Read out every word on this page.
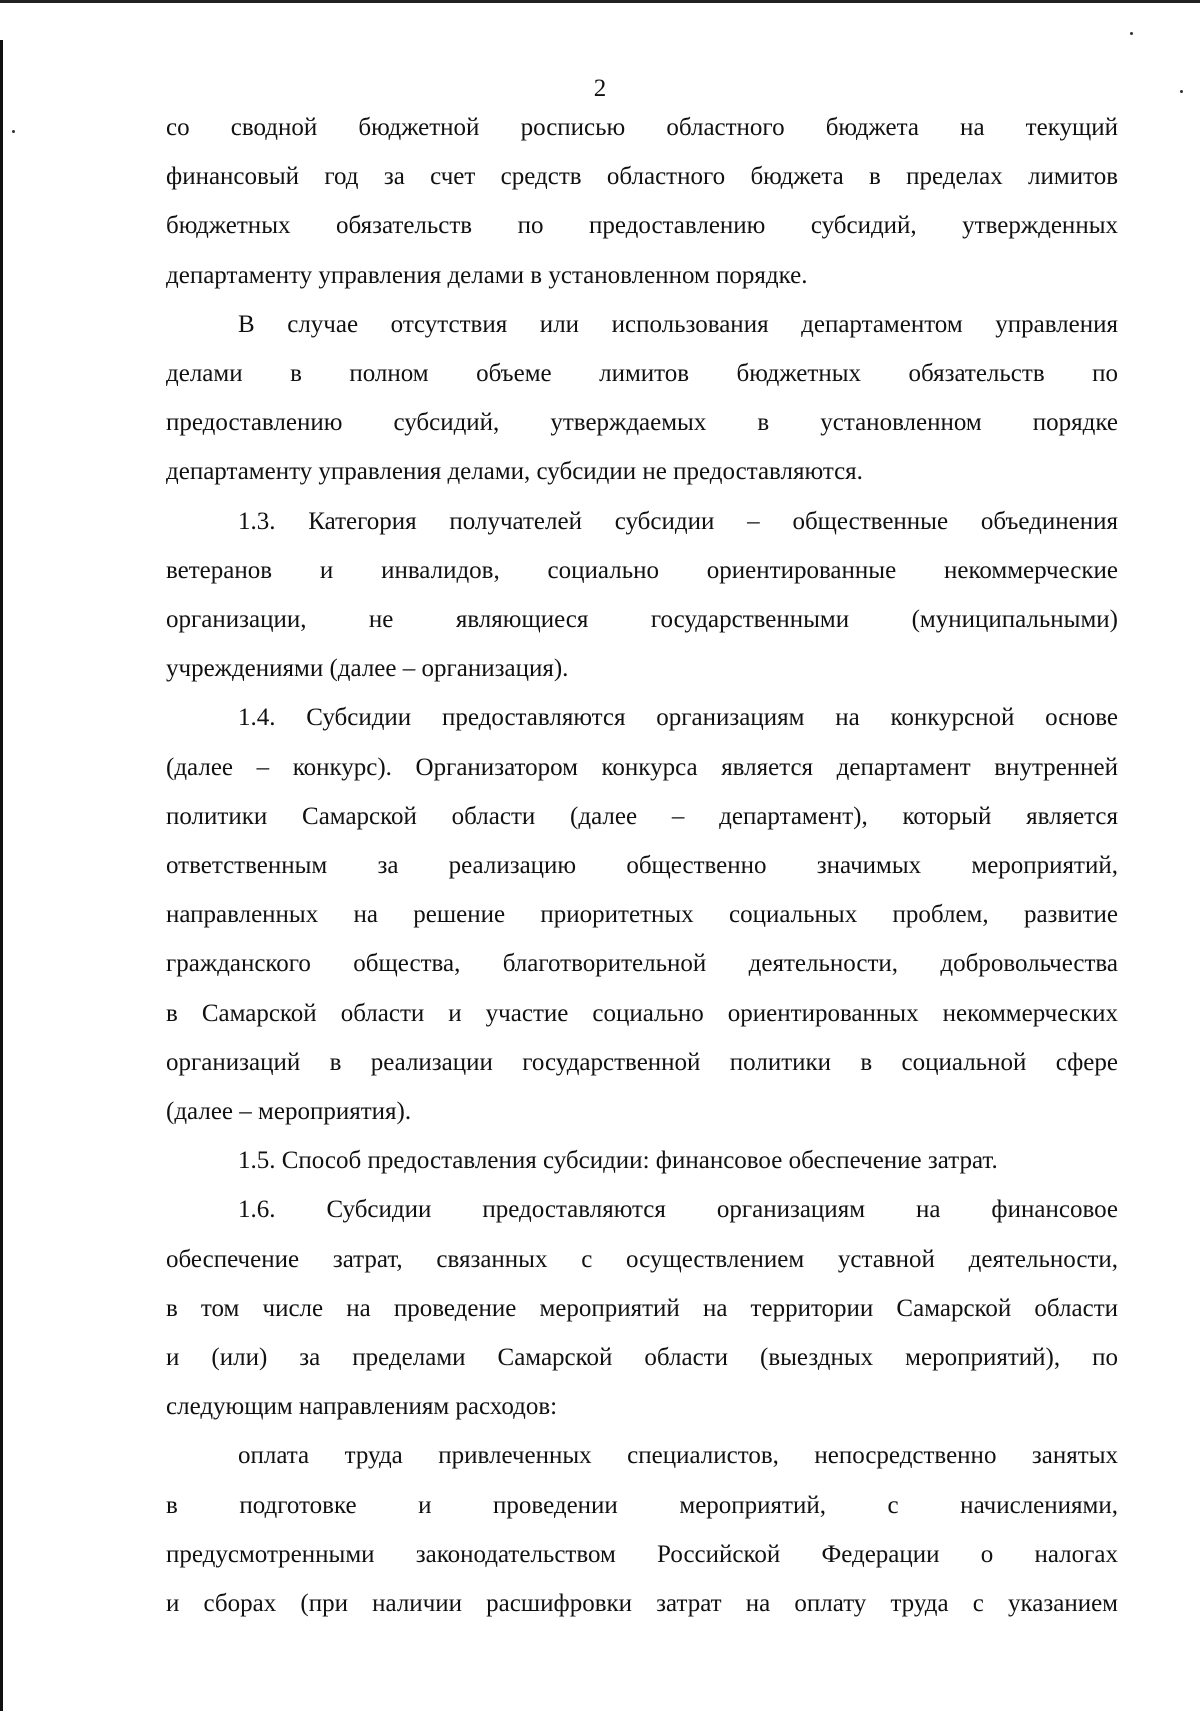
2

со сводной бюджетной росписью областного бюджета на текущий

финансовый год за счет средств областного бюджета в пределах лимитов

бюджетных обязательств по предоставлению субсидий, утвержденных

департаменту управления делами в установленном порядке.

В случае отсутствия или использования департаментом управления

делами в полном объеме лимитов бюджетных обязательств по

предоставлению субсидий, утверждаемых в установленном порядке

департаменту управления делами, субсидии не предоставляются.

1.3. Категория получателей субсидии – общественные объединения

ветеранов и инвалидов, социально ориентированные некоммерческие

организации, не являющиеся государственными (муниципальными)

учреждениями (далее – организация).

1.4. Субсидии предоставляются организациям на конкурсной основе

(далее – конкурс). Организатором конкурса является департамент внутренней

политики Самарской области (далее – департамент), который является

ответственным за реализацию общественно значимых мероприятий,

направленных на решение приоритетных социальных проблем, развитие

гражданского общества, благотворительной деятельности, добровольчества

в Самарской области и участие социально ориентированных некоммерческих

организаций в реализации государственной политики в социальной сфере

(далее – мероприятия).

1.5. Способ предоставления субсидии: финансовое обеспечение затрат.

1.6. Субсидии предоставляются организациям на финансовое

обеспечение затрат, связанных с осуществлением уставной деятельности,

в том числе на проведение мероприятий на территории Самарской области

и (или) за пределами Самарской области (выездных мероприятий), по

следующим направлениям расходов:

оплата труда привлеченных специалистов, непосредственно занятых

в подготовке и проведении мероприятий, с начислениями,

предусмотренными законодательством Российской Федерации о налогах

и сборах (при наличии расшифровки затрат на оплату труда с указанием
